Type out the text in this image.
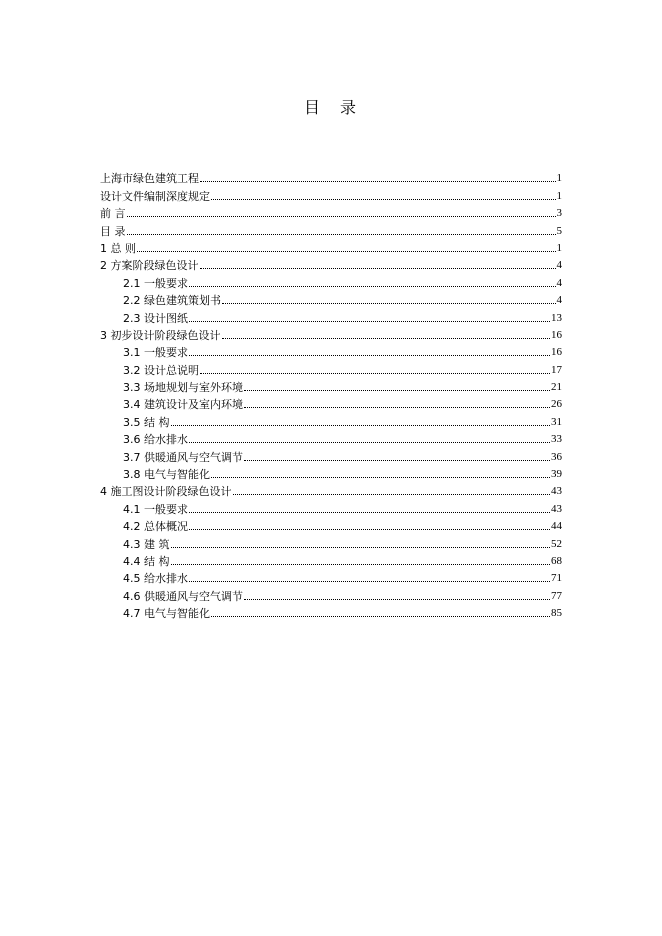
目　录
上海市绿色建筑工程	1
设计文件编制深度规定	1
前 言	3
目 录	5
1 总 则	1
2 方案阶段绿色设计	4
2.1 一般要求	4
2.2 绿色建筑策划书	4
2.3 设计图纸	13
3 初步设计阶段绿色设计	16
3.1 一般要求	16
3.2 设计总说明	17
3.3 场地规划与室外环境	21
3.4 建筑设计及室内环境	26
3.5 结 构	31
3.6 给水排水	33
3.7 供暖通风与空气调节	36
3.8 电气与智能化	39
4 施工图设计阶段绿色设计	43
4.1 一般要求	43
4.2 总体概况	44
4.3 建 筑	52
4.4 结 构	68
4.5 给水排水	71
4.6 供暖通风与空气调节	77
4.7 电气与智能化	85
